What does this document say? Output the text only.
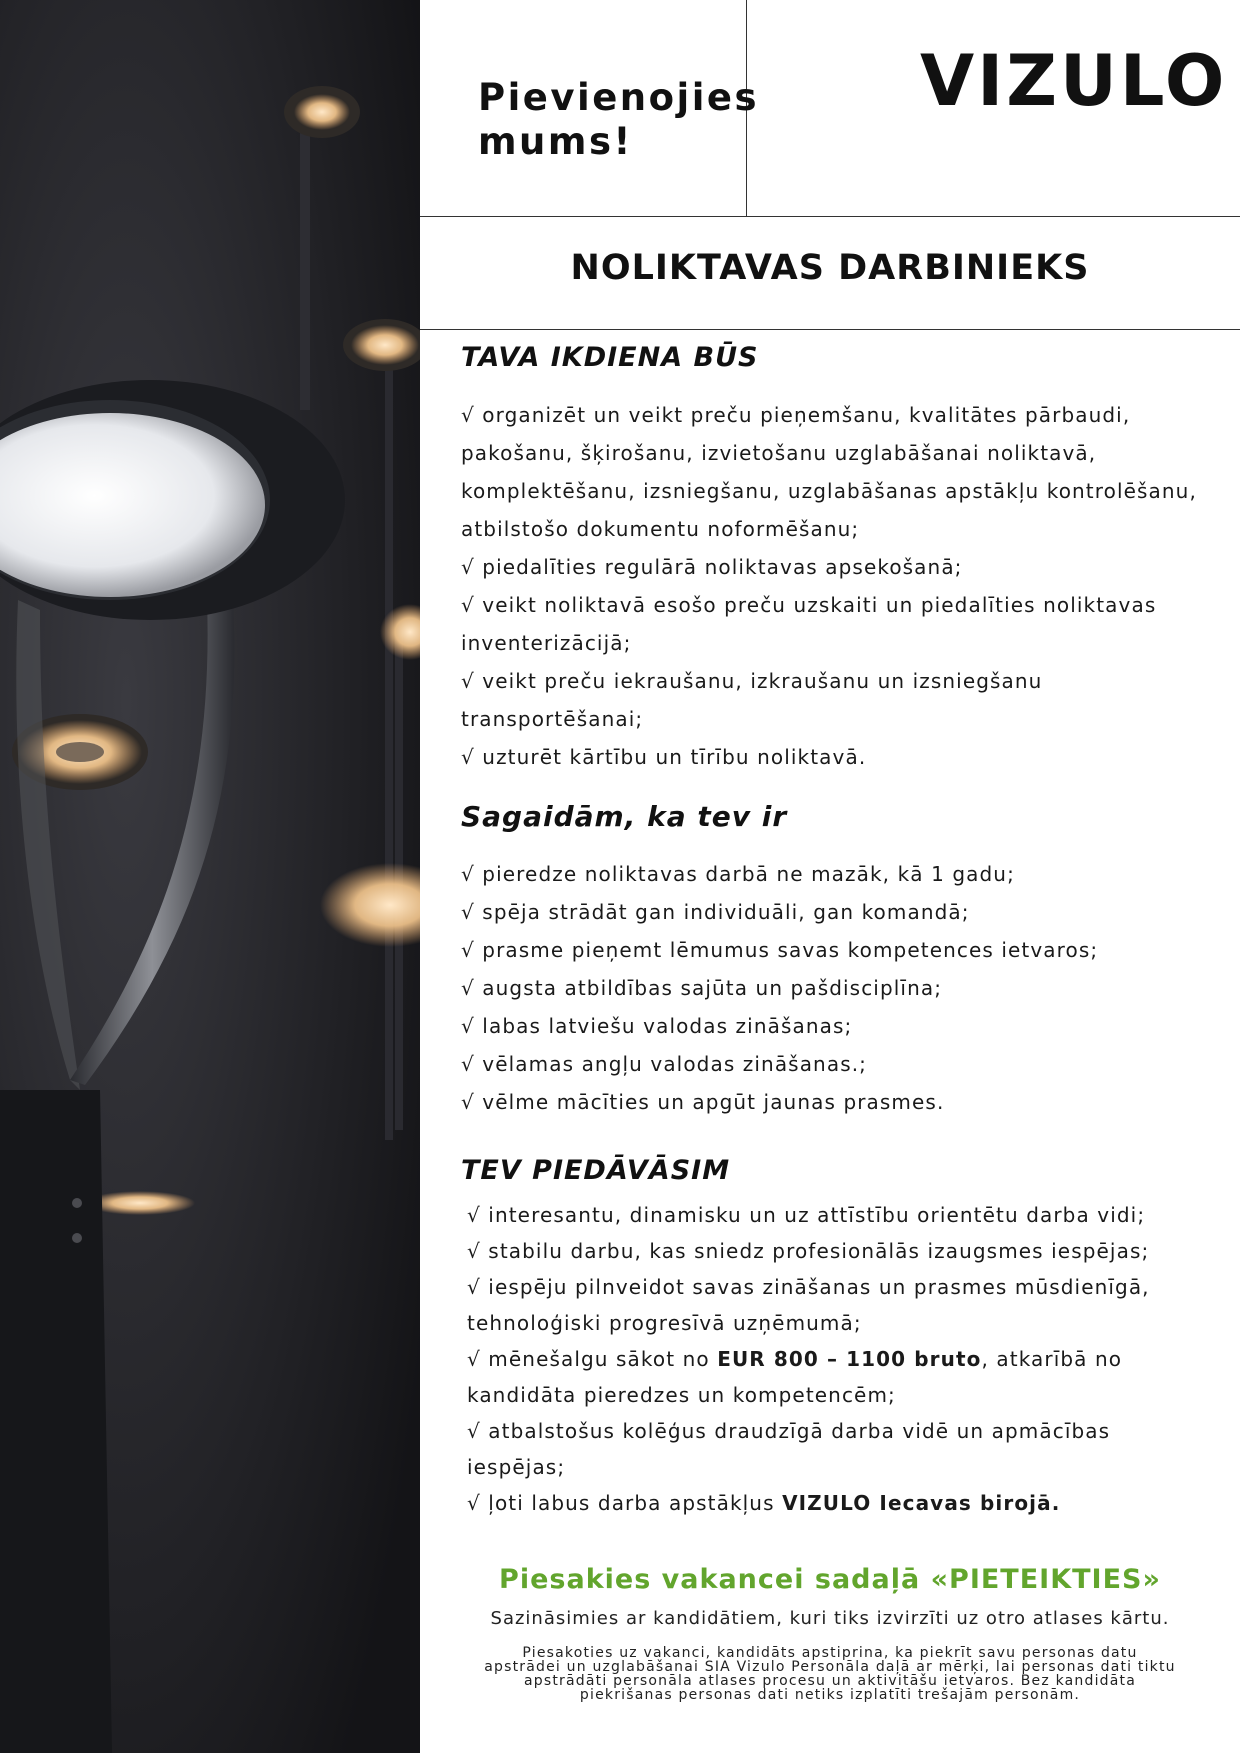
Pievienojies
mums!
VIZULO
NOLIKTAVAS DARBINIEKS
TAVA IKDIENA BŪS
√ organizēt un veikt preču pieņemšanu, kvalitātes pārbaudi,
pakošanu, šķirošanu, izvietošanu uzglabāšanai noliktavā,
komplektēšanu, izsniegšanu, uzglabāšanas apstākļu kontrolēšanu,
atbilstošo dokumentu noformēšanu;
√ piedalīties regulārā noliktavas apsekošanā;
√ veikt noliktavā esošo preču uzskaiti un piedalīties noliktavas
inventerizācijā;
√ veikt preču iekraušanu, izkraušanu un izsniegšanu
transportēšanai;
√ uzturēt kārtību un tīrību noliktavā.
Sagaidām, ka tev ir
√ pieredze noliktavas darbā ne mazāk, kā 1 gadu;
√ spēja strādāt gan individuāli, gan komandā;
√ prasme pieņemt lēmumus savas kompetences ietvaros;
√ augsta atbildības sajūta un pašdisciplīna;
√ labas latviešu valodas zināšanas;
√ vēlamas angļu valodas zināšanas.;
√ vēlme mācīties un apgūt jaunas prasmes.
TEV PIEDĀVĀSIM
√ interesantu, dinamisku un uz attīstību orientētu darba vidi;
√ stabilu darbu, kas sniedz profesionālās izaugsmes iespējas;
√ iespēju pilnveidot savas zināšanas un prasmes mūsdienīgā,
tehnoloģiski progresīvā uzņēmumā;
√ mēnešalgu sākot no EUR 800 – 1100 bruto, atkarībā no
kandidāta pieredzes un kompetencēm;
√ atbalstošus kolēģus draudzīgā darba vidē un apmācības
iespējas;
√ ļoti labus darba apstākļus VIZULO Iecavas birojā.
Piesakies vakancei sadaļā «PIETEIKTIES»
Sazināsimies ar kandidātiem, kuri tiks izvirzīti uz otro atlases kārtu.
Piesakoties uz vakanci, kandidāts apstiprina, ka piekrīt savu personas datu
apstrādei un uzglabāšanai SIA Vizulo Personāla daļā ar mērķi, lai personas dati tiktu
apstrādāti personāla atlases procesu un aktivitāšu ietvaros. Bez kandidāta
piekrišanas personas dati netiks izplatīti trešajām personām.
